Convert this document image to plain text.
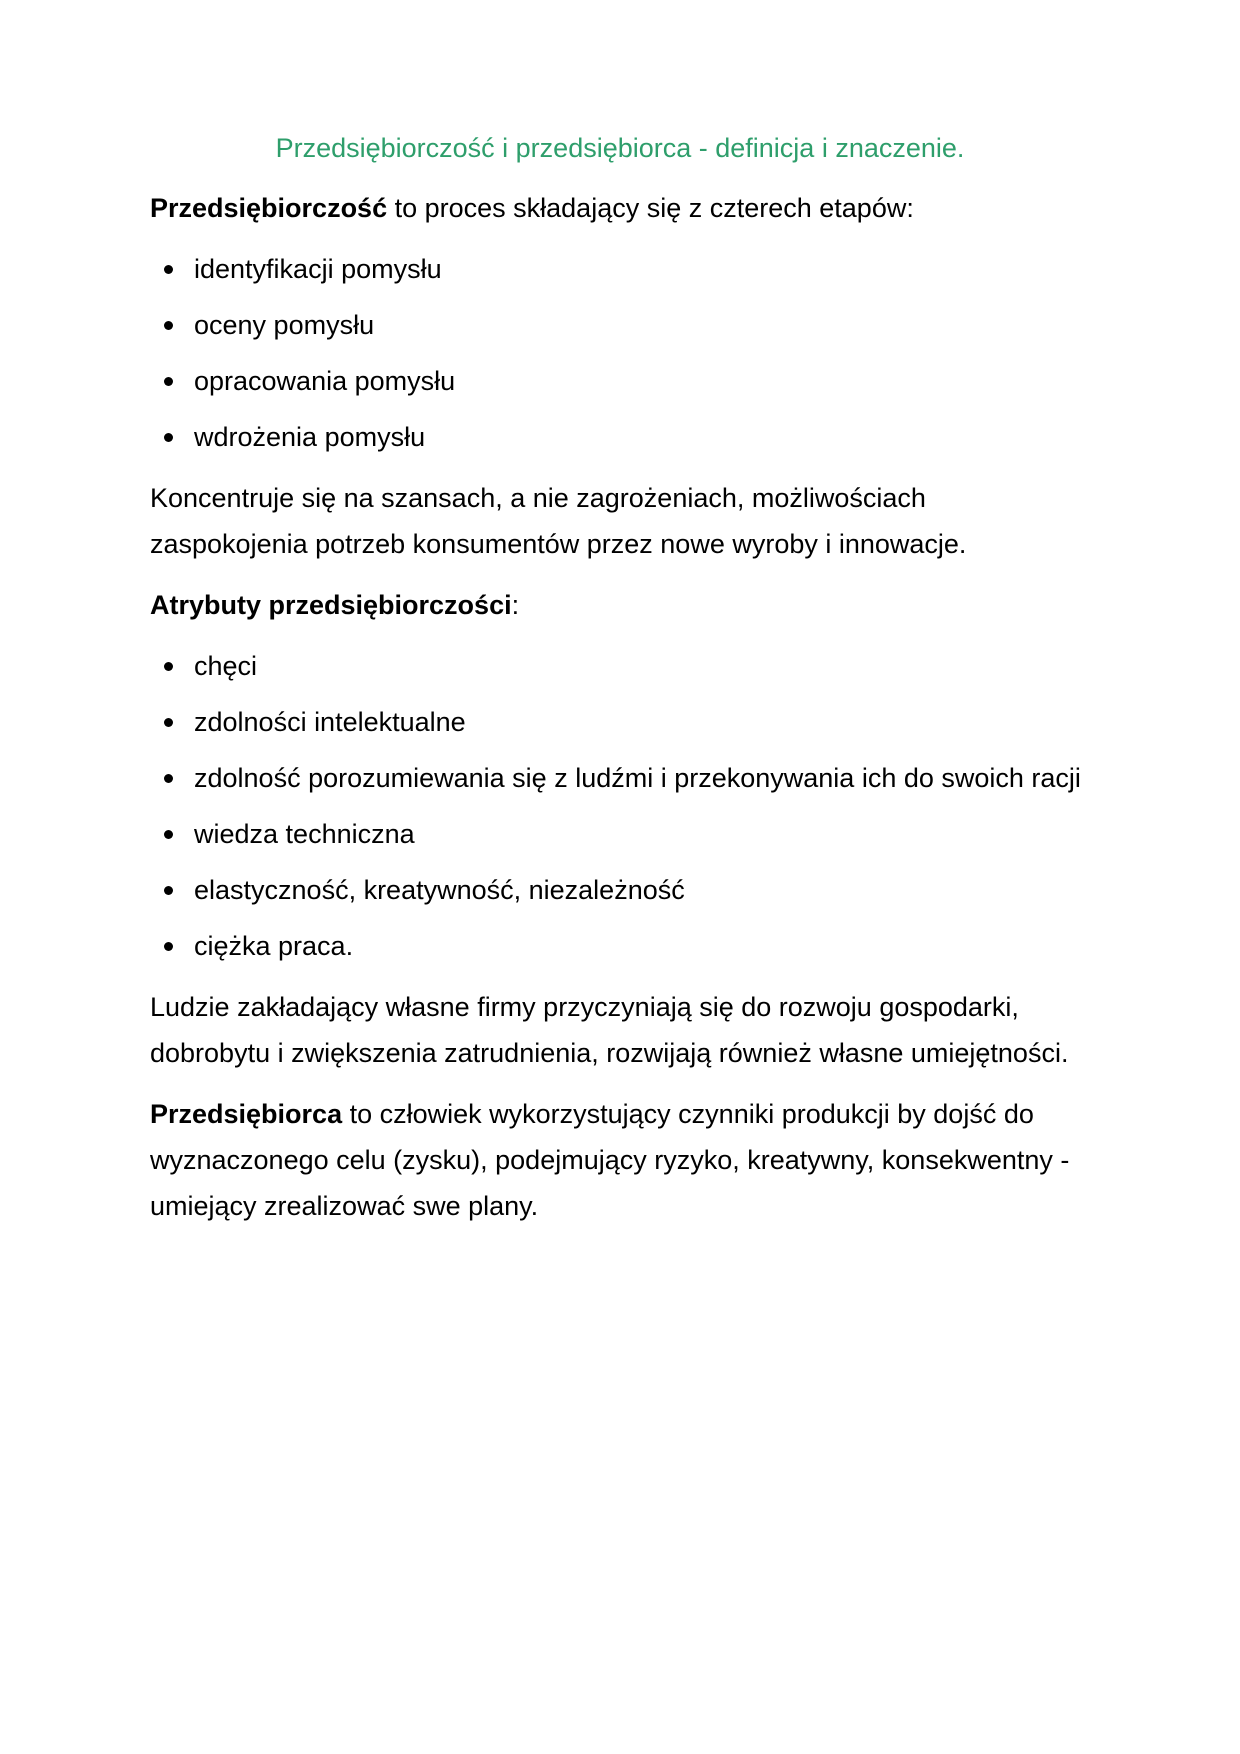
Przedsiębiorczość i przedsiębiorca - definicja i znaczenie.

Przedsiębiorczość to proces składający się z czterech etapów:

identyfikacji pomysłu
oceny pomysłu
opracowania pomysłu
wdrożenia pomysłu

Koncentruje się na szansach, a nie zagrożeniach, możliwościach zaspokojenia potrzeb konsumentów przez nowe wyroby i innowacje.

Atrybuty przedsiębiorczości:

chęci
zdolności intelektualne
zdolność porozumiewania się z ludźmi i przekonywania ich do swoich racji
wiedza techniczna
elastyczność, kreatywność, niezależność
ciężka praca.

Ludzie zakładający własne firmy przyczyniają się do rozwoju gospodarki, dobrobytu i zwiększenia zatrudnienia, rozwijają również własne umiejętności.

Przedsiębiorca to człowiek wykorzystujący czynniki produkcji by dojść do wyznaczonego celu (zysku), podejmujący ryzyko, kreatywny, konsekwentny - umiejący zrealizować swe plany.
